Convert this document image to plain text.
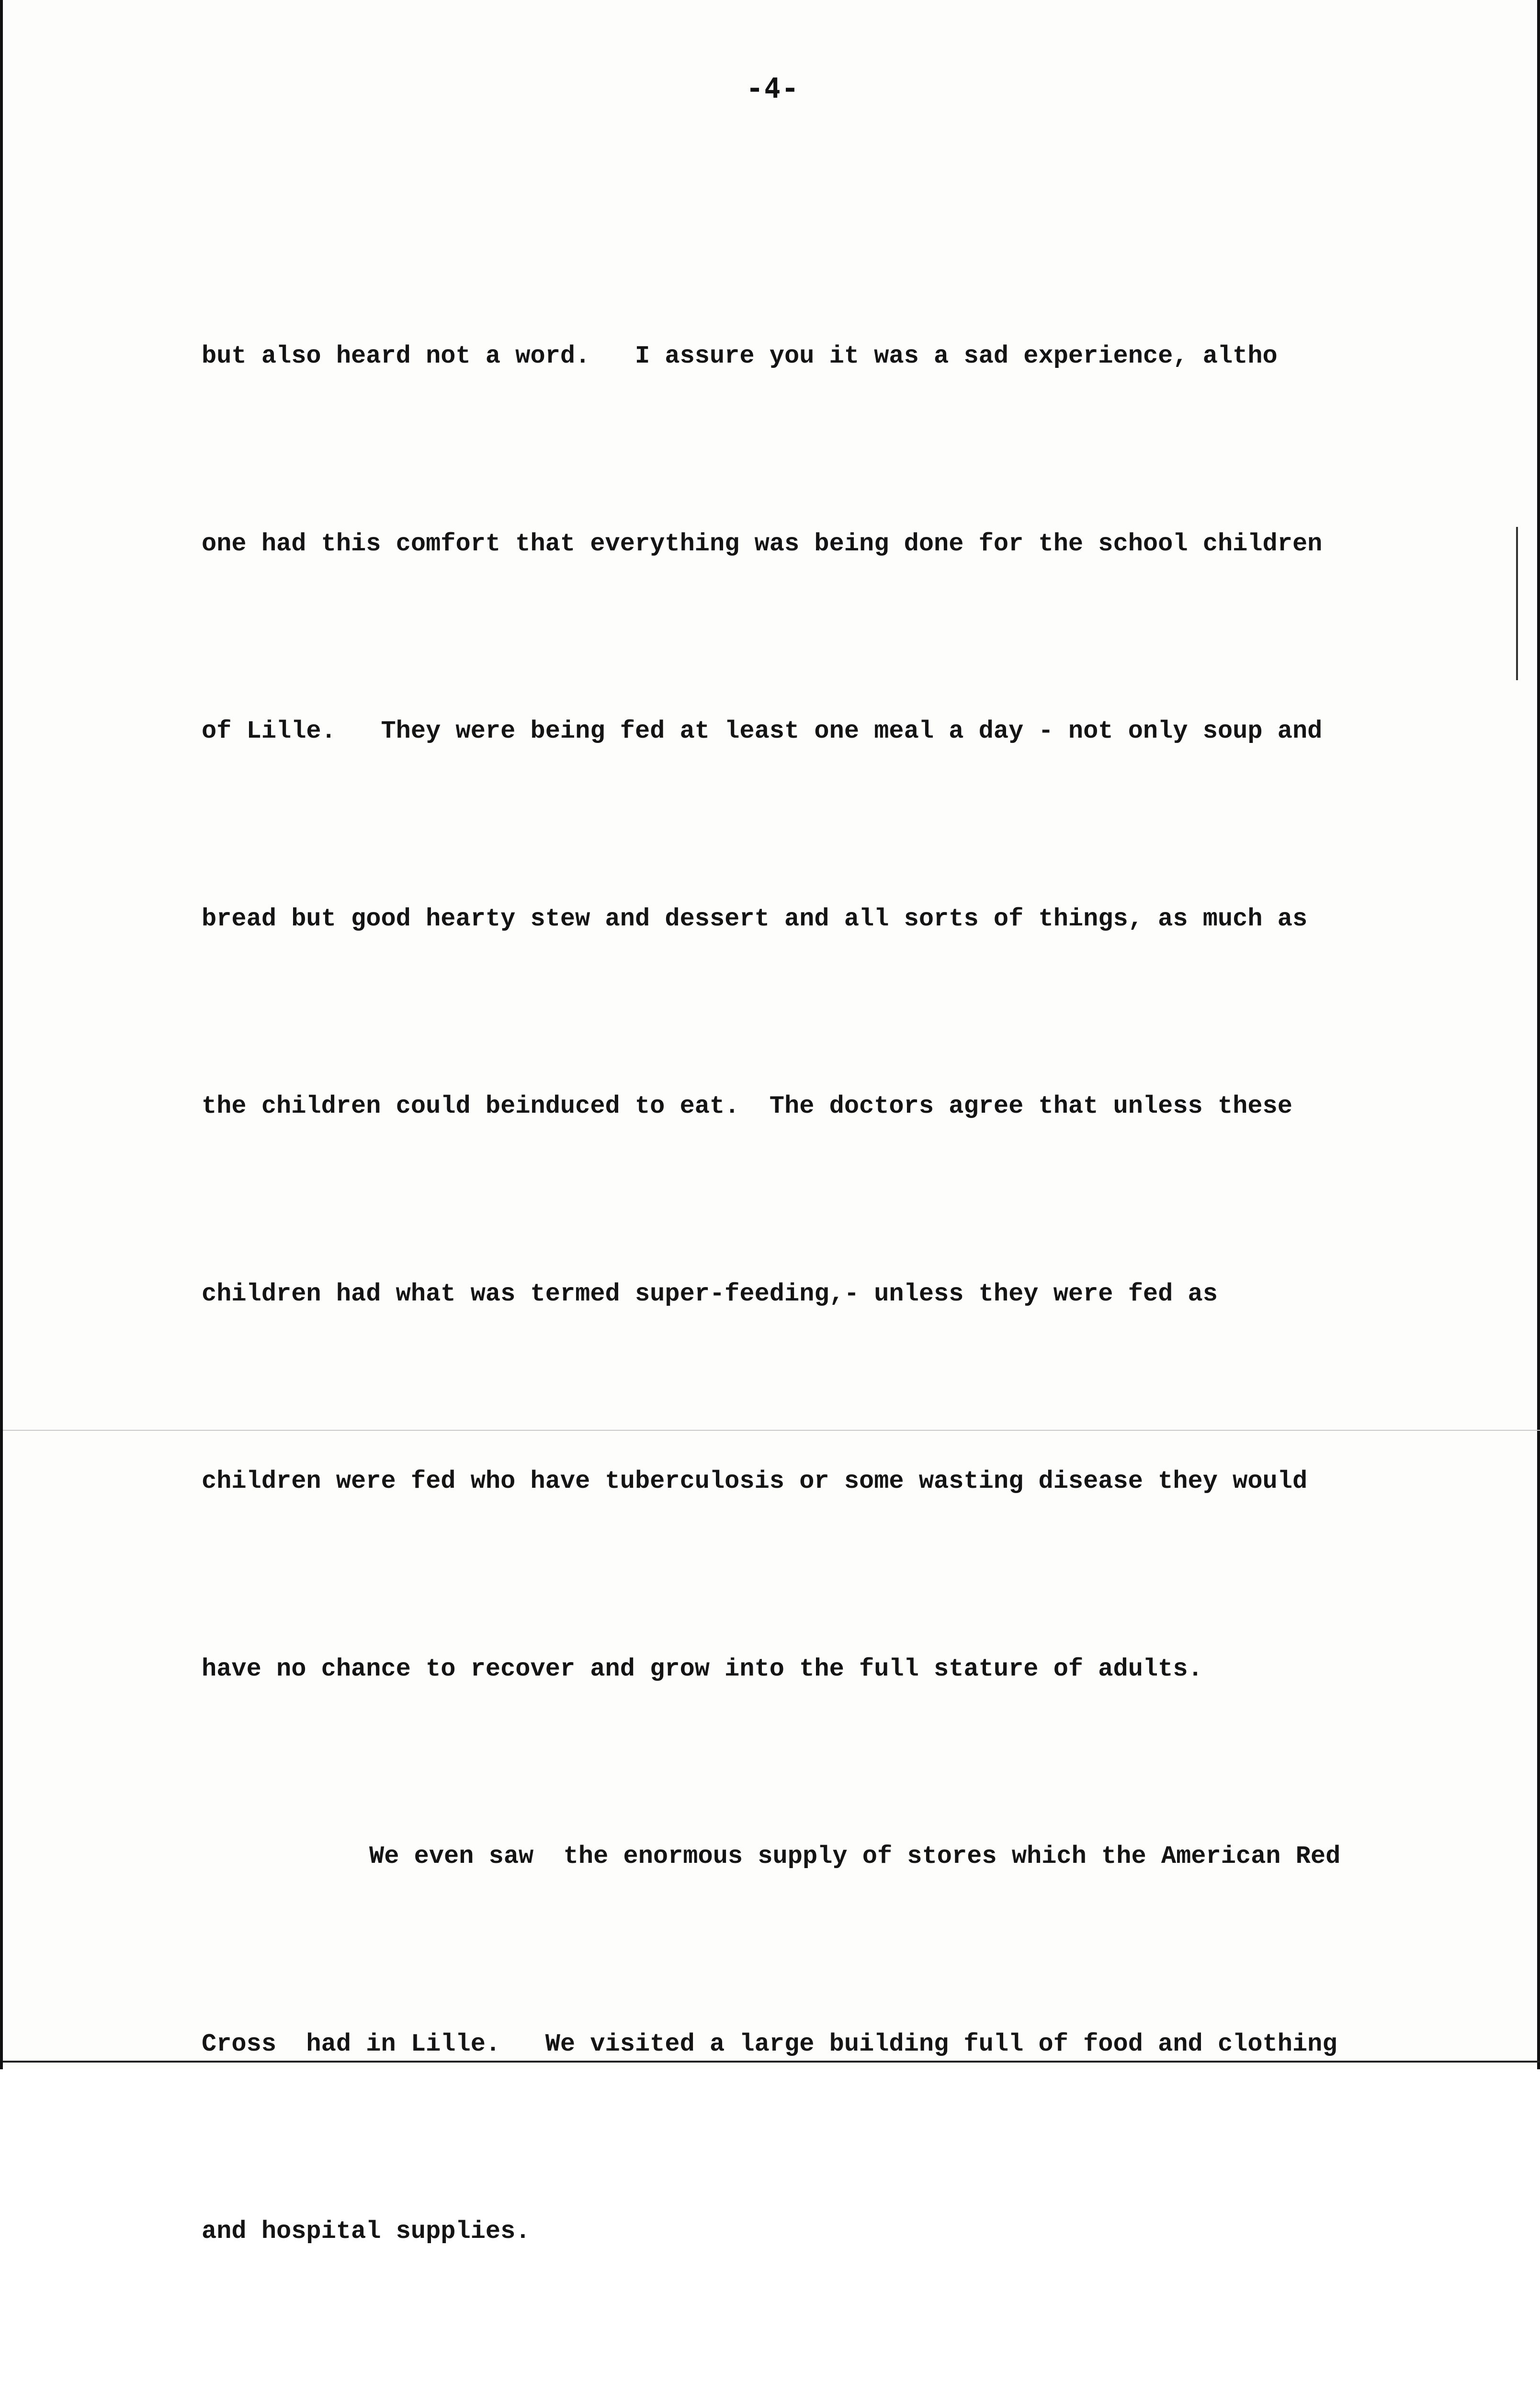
-4-

but also heard not a word.   I assure you it was a sad experience, altho

one had this comfort that everything was being done for the school children

of Lille.   They were being fed at least one meal a day - not only soup and

bread but good hearty stew and dessert and all sorts of things, as much as

the children could beinduced to eat.  The doctors agree that unless these

children had what was termed super-feeding,- unless they were fed as

children were fed who have tuberculosis or some wasting disease they would

have no chance to recover and grow into the full stature of adults.

We even saw  the enormous supply of stores which the American Red

Cross  had in Lille.   We visited a large building full of food and clothing

and hospital supplies.
